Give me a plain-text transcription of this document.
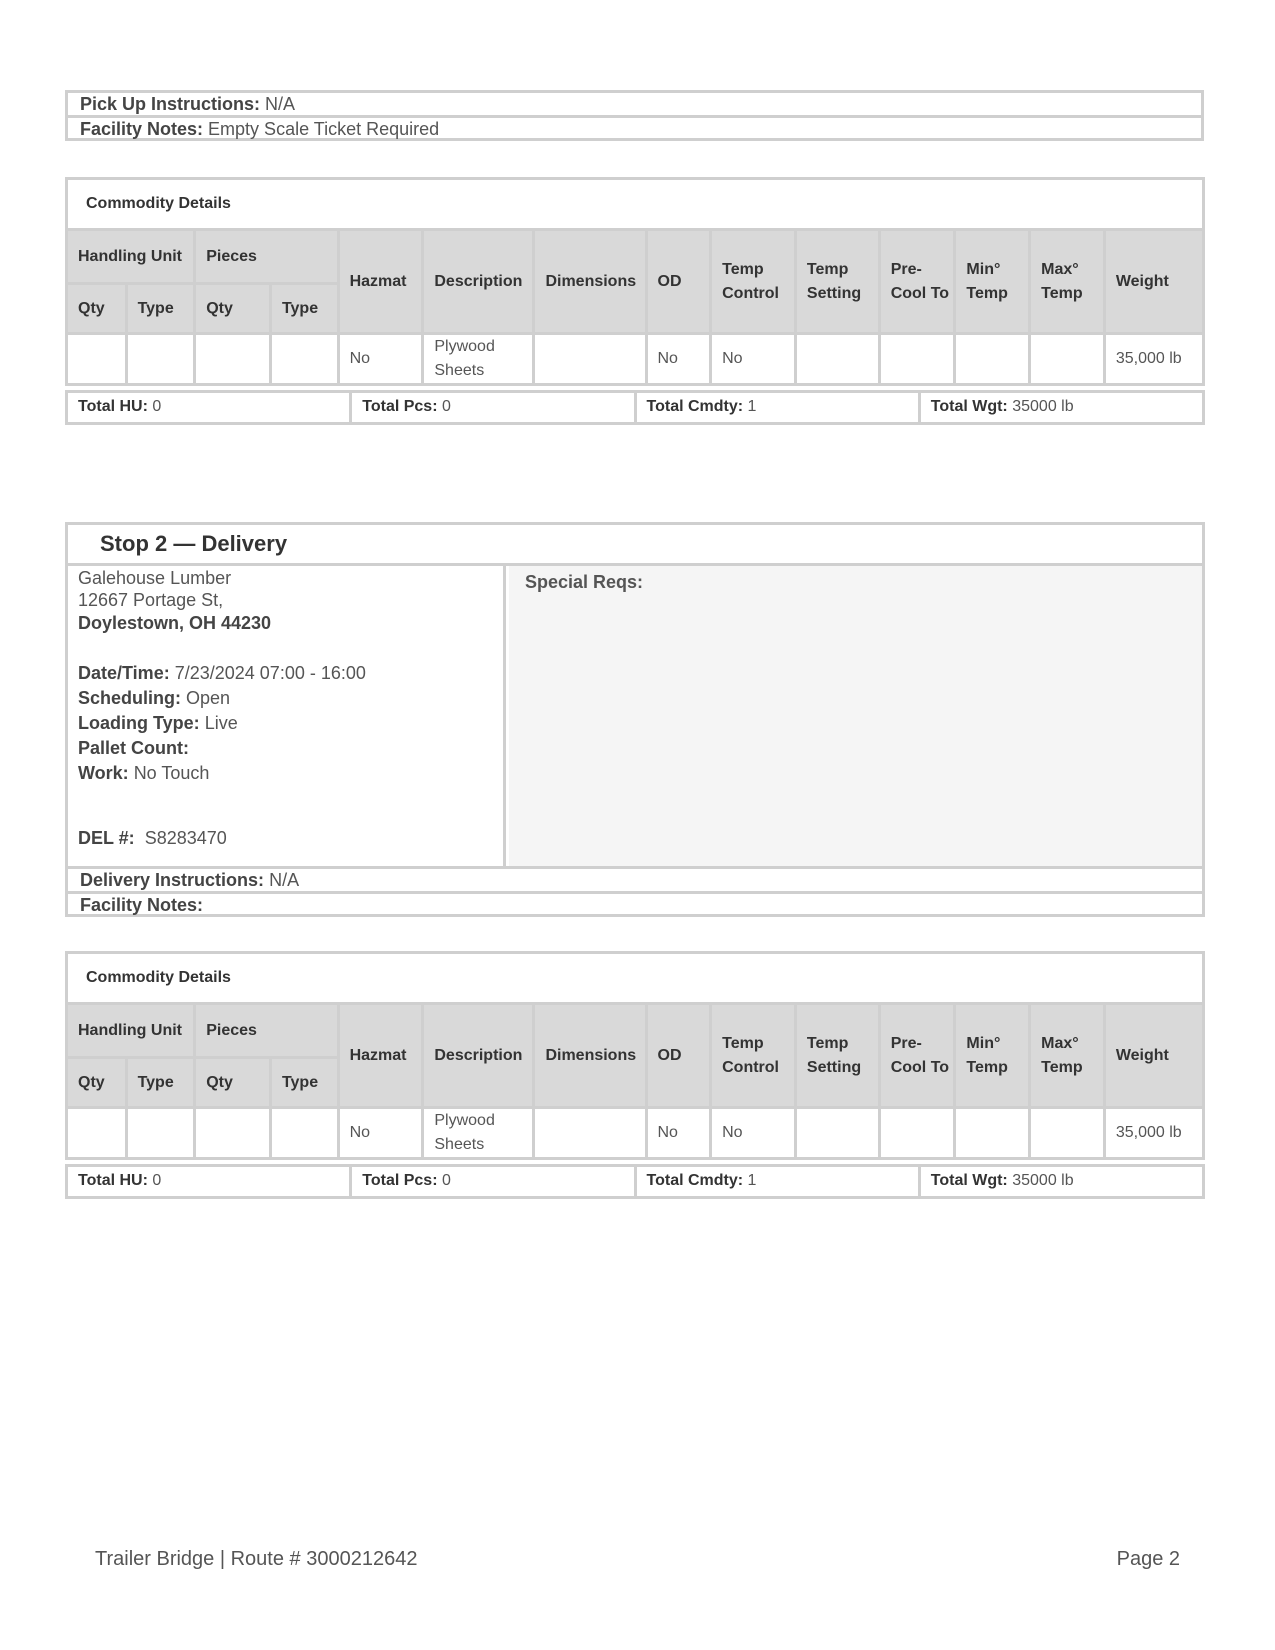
Pick Up Instructions: N/A
Facility Notes: Empty Scale Ticket Required
Commodity Details													
Handling Unit		Pieces		Hazmat	Description	Dimensions	OD	Temp Control	Temp Setting	Pre- Cool To	Min° Temp	Max° Temp	Weight
Qty	Type	Qty	Type										
				No	Plywood Sheets		No	No					35,000 lb
Total HU: 0	Total Pcs: 0	Total Cmdty: 1	Total Wgt: 35000 lb
Stop 2 — Delivery
Galehouse Lumber
12667 Portage St,
Doylestown, OH 44230
Date/Time: 7/23/2024 07:00 - 16:00
Scheduling: Open
Loading Type: Live
Pallet Count:
Work: No Touch
DEL #: S8283470
Special Reqs:
Delivery Instructions: N/A
Facility Notes:
Commodity Details													
Handling Unit		Pieces		Hazmat	Description	Dimensions	OD	Temp Control	Temp Setting	Pre- Cool To	Min° Temp	Max° Temp	Weight
Qty	Type	Qty	Type										
				No	Plywood Sheets		No	No					35,000 lb
Total HU: 0	Total Pcs: 0	Total Cmdty: 1	Total Wgt: 35000 lb
Trailer Bridge | Route # 3000212642	Page 2
